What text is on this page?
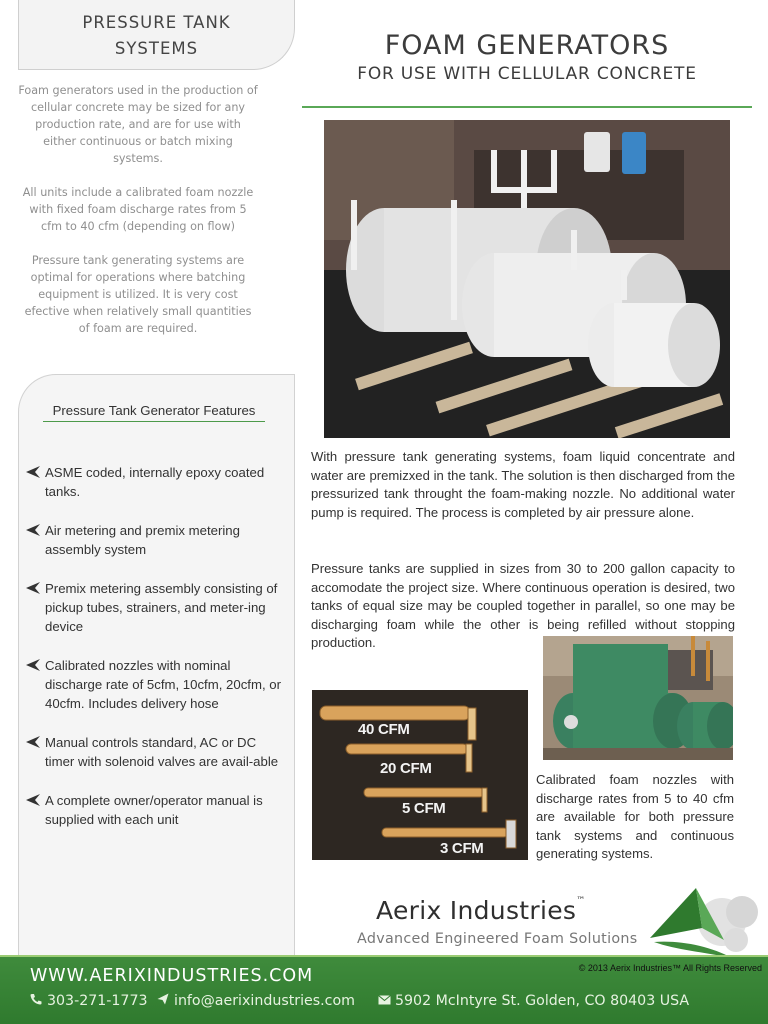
PRESSURE TANK
SYSTEMS

Foam generators used in the production of cellular concrete may be sized for any production rate, and are for use with either continuous or batch mixing systems.

All units include a calibrated foam nozzle with fixed foam discharge rates from 5 cfm to 40 cfm (depending on flow)

Pressure tank generating systems are optimal for operations where batching equipment is utilized. It is very cost efective when relatively small quantities of foam are required.

Pressure Tank Generator Features
ASME coded, internally epoxy coated tanks.
Air metering and premix metering assembly system
Premix metering assembly consisting of pickup tubes, strainers, and meter-ing device
Calibrated nozzles with nominal discharge rate of 5cfm, 10cfm, 20cfm, or 40cfm. Includes delivery hose
Manual controls standard, AC or DC timer with solenoid valves are avail-able
A complete owner/operator manual is supplied with each unit
FOAM GENERATORS
FOR USE WITH CELLULAR CONCRETE

With pressure tank generating systems, foam liquid concentrate and water are premizxed in the tank. The solution is then discharged from the pressurized tank throught the foam-making nozzle. No additional water pump is required. The process is completed by air pressure alone.

Pressure tanks are supplied in sizes from 30 to 200 gallon capacity to accomodate the project size. Where continuous operation is desired, two tanks of equal size may be coupled together in parallel, so one may be discharging foam while the other is being refilled without stopping production.

40 CFM
20 CFM
5 CFM
3 CFM

Calibrated foam nozzles with discharge rates from 5 to 40 cfm are available for both pressure tank systems and continuous generating systems.

Aerix Industries™
Advanced Engineered Foam Solutions
WWW.AERIXINDUSTRIES.COM	© 2013 Aerix Industries™ All Rights Reserved
303-271-1773 info@aerixindustries.com	5902 McIntyre St. Golden, CO 80403 USA
